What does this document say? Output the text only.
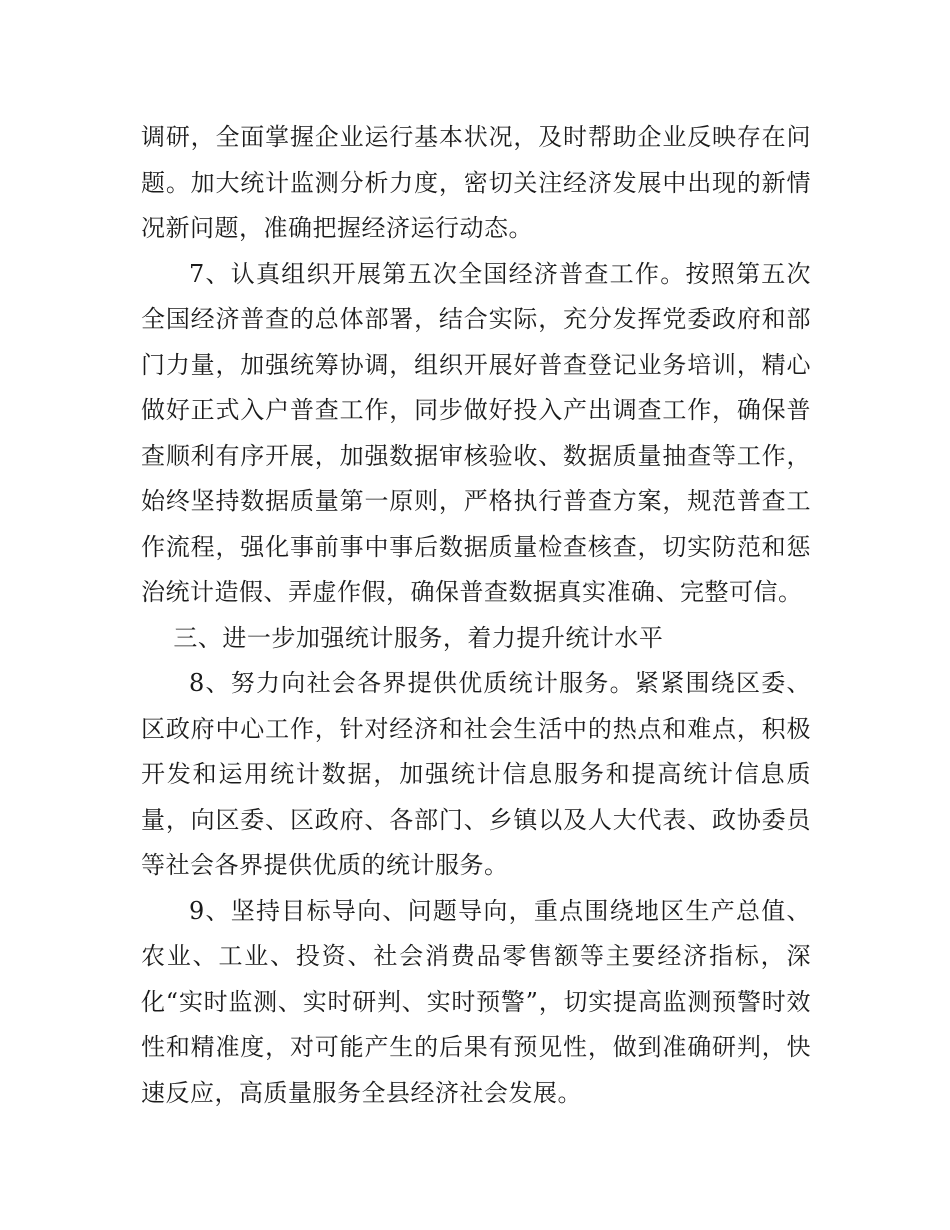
调研，全面掌握企业运行基本状况，及时帮助企业反映存在问题。加大统计监测分析力度，密切关注经济发展中出现的新情况新问题，准确把握经济运行动态。

7、认真组织开展第五次全国经济普查工作。按照第五次全国经济普查的总体部署，结合实际，充分发挥党委政府和部门力量，加强统筹协调，组织开展好普查登记业务培训，精心做好正式入户普查工作，同步做好投入产出调查工作，确保普查顺利有序开展，加强数据审核验收、数据质量抽查等工作，始终坚持数据质量第一原则，严格执行普查方案，规范普查工作流程，强化事前事中事后数据质量检查核查，切实防范和惩治统计造假、弄虚作假，确保普查数据真实准确、完整可信。

三、进一步加强统计服务，着力提升统计水平

8、努力向社会各界提供优质统计服务。紧紧围绕区委、区政府中心工作，针对经济和社会生活中的热点和难点，积极开发和运用统计数据，加强统计信息服务和提高统计信息质量，向区委、区政府、各部门、乡镇以及人大代表、政协委员等社会各界提供优质的统计服务。

9、坚持目标导向、问题导向，重点围绕地区生产总值、农业、工业、投资、社会消费品零售额等主要经济指标，深化“实时监测、实时研判、实时预警”，切实提高监测预警时效性和精准度，对可能产生的后果有预见性，做到准确研判，快速反应，高质量服务全县经济社会发展。
